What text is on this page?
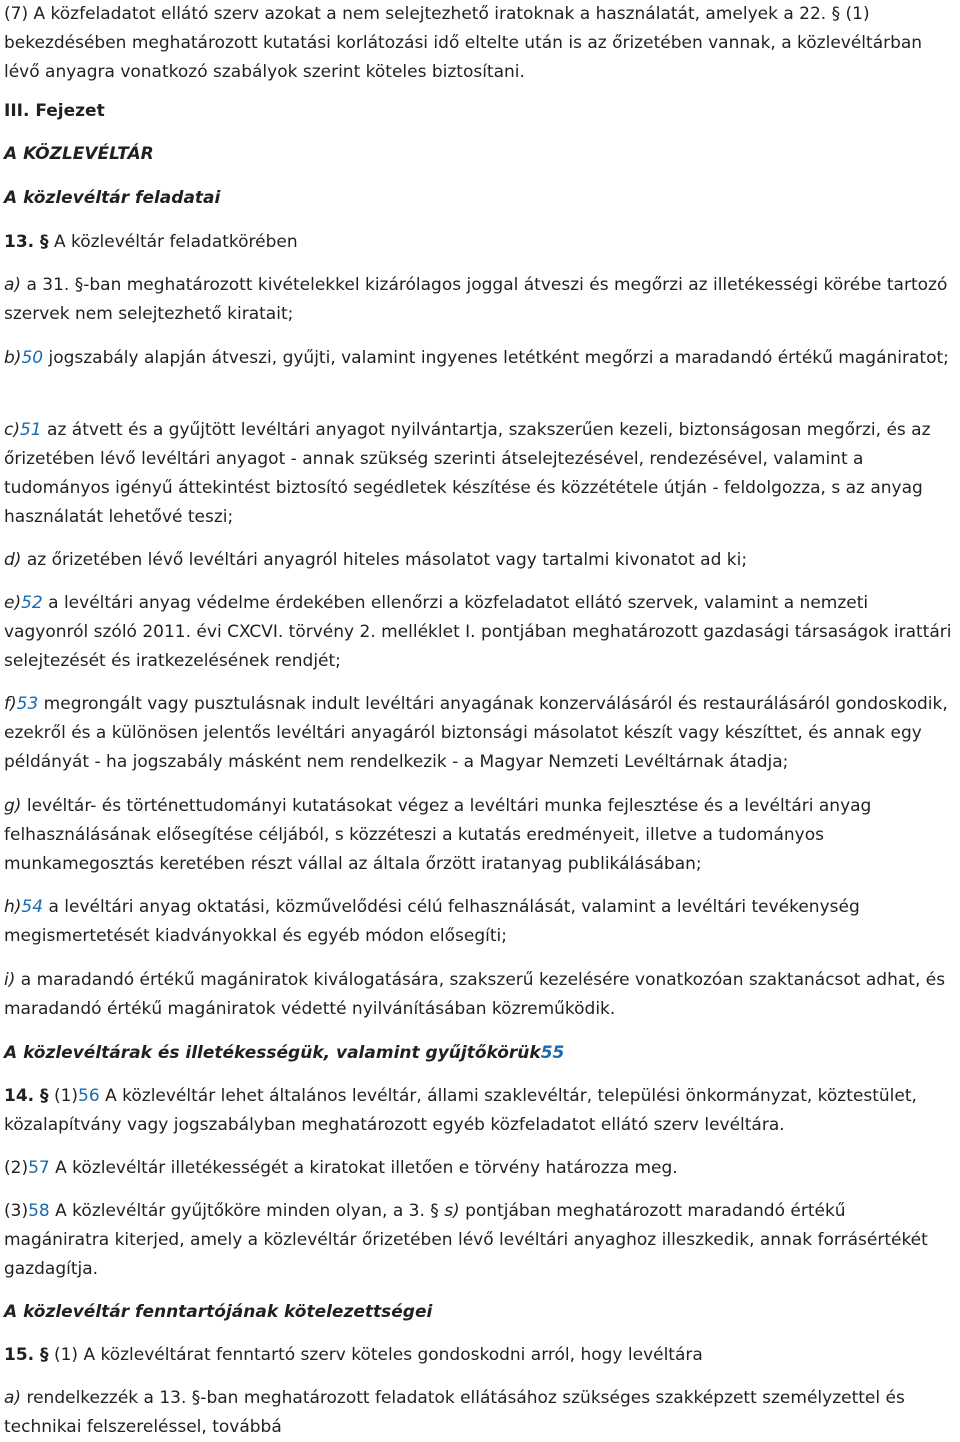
(7) A közfeladatot ellátó szerv azokat a nem selejtezhető iratoknak a használatát, amelyek a 22. § (1) bekezdésében meghatározott kutatási korlátozási idő eltelte után is az őrizetében vannak, a közlevéltárban lévő anyagra vonatkozó szabályok szerint köteles biztosítani.

III. Fejezet

A KÖZLEVÉLTÁR

A közlevéltár feladatai

13. § A közlevéltár feladatkörében

a) a 31. §-ban meghatározott kivételekkel kizárólagos joggal átveszi és megőrzi az illetékességi körébe tartozó szervek nem selejtezhető kiratait;

b)50 jogszabály alapján átveszi, gyűjti, valamint ingyenes letétként megőrzi a maradandó értékű magániratot;

c)51 az átvett és a gyűjtött levéltári anyagot nyilvántartja, szakszerűen kezeli, biztonságosan megőrzi, és az őrizetében lévő levéltári anyagot - annak szükség szerinti átselejtezésével, rendezésével, valamint a tudományos igényű áttekintést biztosító segédletek készítése és közzététele útján - feldolgozza, s az anyag használatát lehetővé teszi;

d) az őrizetében lévő levéltári anyagról hiteles másolatot vagy tartalmi kivonatot ad ki;

e)52 a levéltári anyag védelme érdekében ellenőrzi a közfeladatot ellátó szervek, valamint a nemzeti vagyonról szóló 2011. évi CXCVI. törvény 2. melléklet I. pontjában meghatározott gazdasági társaságok irattári selejtezését és iratkezelésének rendjét;

f)53 megrongált vagy pusztulásnak indult levéltári anyagának konzerválásáról és restaurálásáról gondoskodik, ezekről és a különösen jelentős levéltári anyagáról biztonsági másolatot készít vagy készíttet, és annak egy példányát - ha jogszabály másként nem rendelkezik - a Magyar Nemzeti Levéltárnak átadja;

g) levéltár- és történettudományi kutatásokat végez a levéltári munka fejlesztése és a levéltári anyag felhasználásának elősegítése céljából, s közzéteszi a kutatás eredményeit, illetve a tudományos munkamegosztás keretében részt vállal az általa őrzött iratanyag publikálásában;

h)54 a levéltári anyag oktatási, közművelődési célú felhasználását, valamint a levéltári tevékenység megismertetését kiadványokkal és egyéb módon elősegíti;

i) a maradandó értékű magániratok kiválogatására, szakszerű kezelésére vonatkozóan szaktanácsot adhat, és maradandó értékű magániratok védetté nyilvánításában közreműködik.

A közlevéltárak és illetékességük, valamint gyűjtőkörük55

14. § (1)56 A közlevéltár lehet általános levéltár, állami szaklevéltár, települési önkormányzat, köztestület, közalapítvány vagy jogszabályban meghatározott egyéb közfeladatot ellátó szerv levéltára.

(2)57 A közlevéltár illetékességét a kiratokat illetően e törvény határozza meg.

(3)58 A közlevéltár gyűjtőköre minden olyan, a 3. § s) pontjában meghatározott maradandó értékű magániratra kiterjed, amely a közlevéltár őrizetében lévő levéltári anyaghoz illeszkedik, annak forrásértékét gazdagítja.

A közlevéltár fenntartójának kötelezettségei

15. § (1) A közlevéltárat fenntartó szerv köteles gondoskodni arról, hogy levéltára

a) rendelkezzék a 13. §-ban meghatározott feladatok ellátásához szükséges szakképzett személyzettel és technikai felszereléssel, továbbá
